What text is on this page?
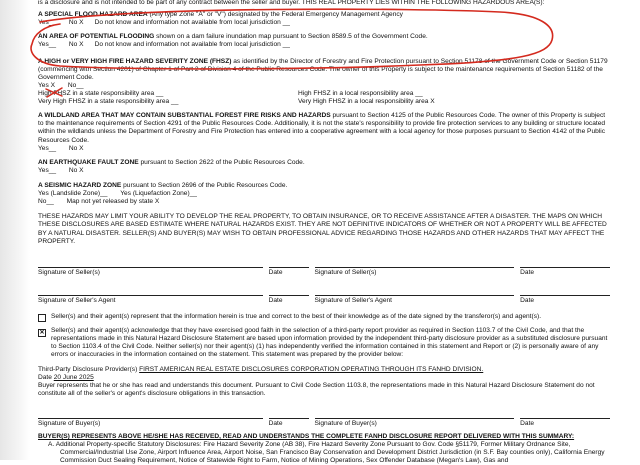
is a disclosure and is not intended to be part of any contract between the seller and buyer. THIS REAL PROPERTY LIES WITHIN THE FOLLOWING HAZARDOUS AREA(S):

A SPECIAL FLOOD HAZARD AREA (Any type Zone "A" or "V") designated by the Federal Emergency Management Agency

Yes__ No X Do not know and information not available from local jurisdiction __

AN AREA OF POTENTIAL FLOODING shown on a dam failure inundation map pursuant to Section 8589.5 of the Government Code.

Yes__ No X Do not know and information not available from local jurisdiction __

A HIGH or VERY HIGH FIRE HAZARD SEVERITY ZONE (FHSZ) as identified by the Director of Forestry and Fire Protection pursuant to Section 51178 of the Government Code or Section 51179 (commencing with Section 4201) of Chapter 1 of Part 2 of Division 4 of the Public Resources Code. The owner of this Property is subject to the maintenance requirements of Section 51182 of the Government Code.

Yes X No__

High FHSZ in a state responsibility area __	High FHSZ in a local responsibility area __
Very High FHSZ in a state responsibility area __	Very High FHSZ in a local responsibility area X

A WILDLAND AREA THAT MAY CONTAIN SUBSTANTIAL FOREST FIRE RISKS AND HAZARDS pursuant to Section 4125 of the Public Resources Code. The owner of this Property is subject to the maintenance requirements of Section 4291 of the Public Resources Code. Additionally, it is not the state's responsibility to provide fire protection services to any building or structure located within the wildlands unless the Department of Forestry and Fire Protection has entered into a cooperative agreement with a local agency for those purposes pursuant to Section 4142 of the Public Resources Code.

Yes__ No X

AN EARTHQUAKE FAULT ZONE pursuant to Section 2622 of the Public Resources Code.

Yes__ No X

A SEISMIC HAZARD ZONE pursuant to Section 2696 of the Public Resources Code.

Yes (Landslide Zone)__ Yes (Liquefaction Zone)__

No__ Map not yet released by state X

THESE HAZARDS MAY LIMIT YOUR ABILITY TO DEVELOP THE REAL PROPERTY, TO OBTAIN INSURANCE, OR TO RECEIVE ASSISTANCE AFTER A DISASTER. THE MAPS ON WHICH THESE DISCLOSURES ARE BASED ESTIMATE WHERE NATURAL HAZARDS EXIST. THEY ARE NOT DEFINITIVE INDICATORS OF WHETHER OR NOT A PROPERTY WILL BE AFFECTED BY A NATURAL DISASTER. SELLER(S) AND BUYER(S) MAY WISH TO OBTAIN PROFESSIONAL ADVICE REGARDING THOSE HAZARDS AND OTHER HAZARDS THAT MAY AFFECT THE PROPERTY.

Signature of Seller(s)	Date	Signature of Seller(s)	Date
Signature of Seller's Agent	Date	Signature of Seller's Agent	Date

Seller(s) and their agent(s) represent that the information herein is true and correct to the best of their knowledge as of the date signed by the transferor(s) and agent(s).

✕ Seller(s) and their agent(s) acknowledge that they have exercised good faith in the selection of a third-party report provider as required in Section 1103.7 of the Civil Code, and that the representations made in this Natural Hazard Disclosure Statement are based upon information provided by the independent third-party disclosure provider as a substituted disclosure pursuant to Section 1103.4 of the Civil Code. Neither seller(s) nor their agent(s) (1) has independently verified the information contained in this statement and Report or (2) is personally aware of any errors or inaccuracies in the information contained on the statement. This statement was prepared by the provider below:

Third-Party Disclosure Provider(s) FIRST AMERICAN REAL ESTATE DISCLOSURES CORPORATION OPERATING THROUGH ITS FANHD DIVISION.

Date 20 June 2025

Buyer represents that he or she has read and understands this document. Pursuant to Civil Code Section 1103.8, the representations made in this Natural Hazard Disclosure Statement do not constitute all of the seller's or agent's disclosure obligations in this transaction.

Signature of Buyer(s)	Date	Signature of Buyer(s)	Date

BUYER(S) REPRESENTS ABOVE HE/SHE HAS RECEIVED, READ AND UNDERSTANDS THE COMPLETE FANHD DISCLOSURE REPORT DELIVERED WITH THIS SUMMARY:

A. Additional Property-specific Statutory Disclosures: Fire Hazard Severity Zone (AB 38), Fire Hazard Severity Zone Pursuant to Gov. Code §51179, Former Military Ordnance Site, Commercial/Industrial Use Zone, Airport Influence Area, Airport Noise, San Francisco Bay Conservation and Development District Jurisdiction (in S.F. Bay counties only), California Energy Commission Duct Sealing Requirement, Notice of Statewide Right to Farm, Notice of Mining Operations, Sex Offender Database (Megan's Law), Gas and
